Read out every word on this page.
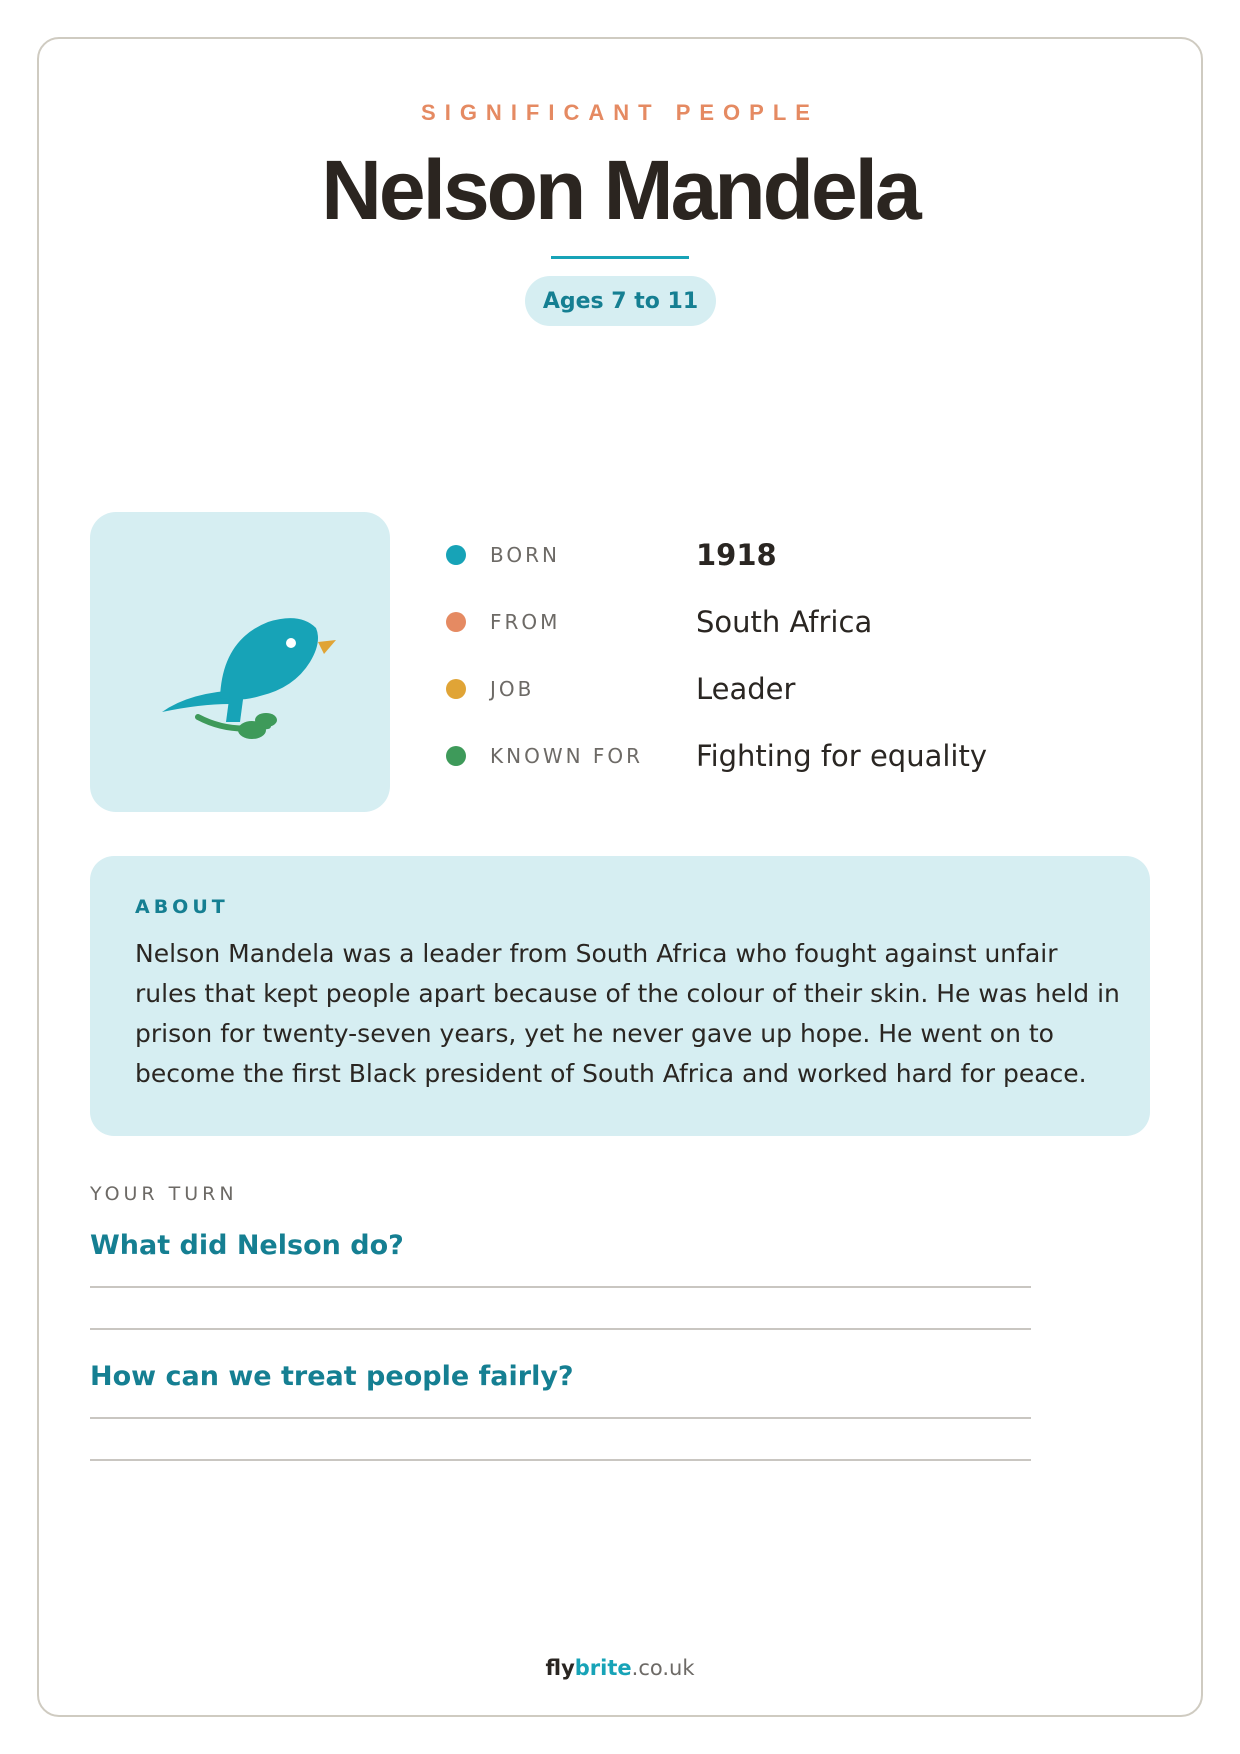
SIGNIFICANT PEOPLE
Nelson Mandela
Ages 7 to 11
BORN	1918
FROM	South Africa
JOB	Leader
KNOWN FOR	Fighting for equality
ABOUT
Nelson Mandela was a leader from South Africa who fought against unfair rules that kept people apart because of the colour of their skin. He was held in prison for twenty-seven years, yet he never gave up hope. He went on to become the first Black president of South Africa and worked hard for peace.
YOUR TURN
What did Nelson do?
How can we treat people fairly?
flybrite.co.uk
